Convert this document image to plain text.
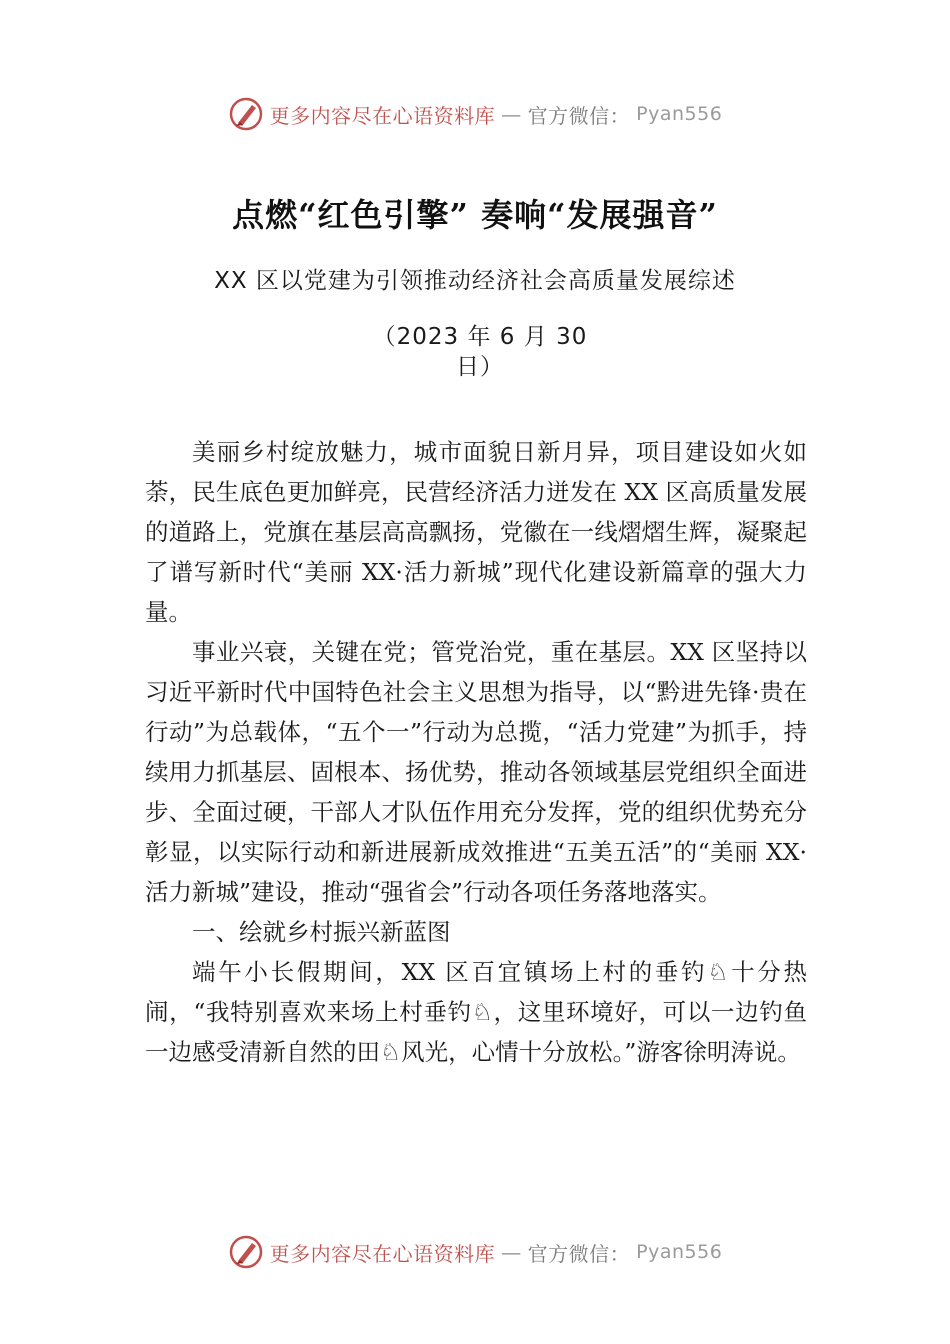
更多内容尽在心语资料库 — 官方微信： Pyan556
点燃“红色引擎” 奏响“发展强音”
XX 区以党建为引领推动经济社会高质量发展综述
（2023 年 6 月 30
日）

美丽乡村绽放魅力，城市面貌日新月异，项目建设如火如荼，民生底色更加鲜亮，民营经济活力迸发在 XX 区高质量发展的道路上，党旗在基层高高飘扬，党徽在一线熠熠生辉，凝聚起了谱写新时代“美丽 XX·活力新城”现代化建设新篇章的强大力量。

事业兴衰，关键在党；管党治党，重在基层。XX 区坚持以习近平新时代中国特色社会主义思想为指导，以“黔进先锋·贵在行动”为总载体，“五个一”行动为总揽，“活力党建”为抓手，持续用力抓基层、固根本、扬优势，推动各领域基层党组织全面进步、全面过硬，干部人才队伍作用充分发挥，党的组织优势充分彰显，以实际行动和新进展新成效推进“五美五活”的“美丽 XX·活力新城”建设，推动“强省会”行动各项任务落地落实。

一、绘就乡村振兴新蓝图

端午小长假期间，XX 区百宜镇场上村的垂钓♘十分热闹，“我特别喜欢来场上村垂钓♘，这里环境好，可以一边钓鱼一边感受清新自然的田♘风光，心情十分放松。”游客徐明涛说。

更多内容尽在心语资料库 — 官方微信： Pyan556
